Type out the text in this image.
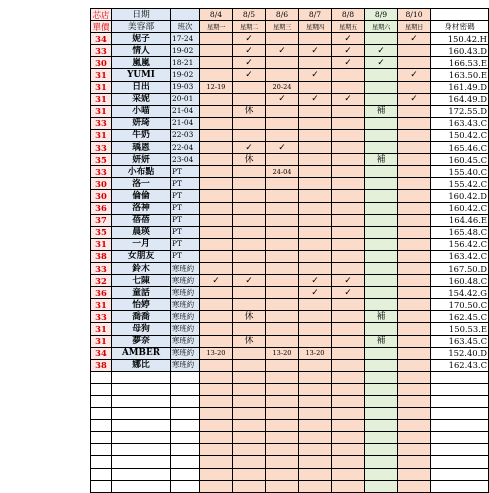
芯店	日期		8/4	8/5	8/6	8/7	8/8	8/9	8/10	
單價	美容部	班次	星期一	星期二	星期三	星期四	星期五	星期六	星期日	身材密碼
34	妮子	17-24		✓			✓		✓	150.42.H
33	情人	19-02		✓	✓	✓	✓	✓		160.43.D
30	嵐嵐	18-21		✓			✓	✓		166.53.E
31	YUMI	19-02		✓		✓			✓	163.50.E
31	日出	19-03	12-19		20-24					161.49.D
31	采妮	20-01			✓	✓	✓		✓	164.49.D
31	小喵	21-04		休				補		172.55.D
33	妍琦	21-04								163.43.C
31	牛奶	22-03								150.42.C
33	瑀恩	22-04		✓	✓					165.46.C
35	妍妍	23-04		休				補		160.45.C
33	小布點	PT			24-04					155.40.C
30	洛一	PT								155.42.C
30	倫倫	PT								160.42.D
36	洛神	PT								160.42.C
37	蓓蓓	PT								164.46.E
35	晨瑛	PT								165.48.C
31	一月	PT								156.42.C
38	女朋友	PT								163.42.C
33	鈴木	寒班約								167.50.D
32	七陳	寒班約	✓	✓		✓	✓			160.48.C
36	童話	寒班約				✓	✓			154.42.G
31	怡婷	寒班約								170.50.C
33	喬喬	寒班約		休				補		162.45.C
31	母狗	寒班約								150.53.E
31	夢奈	寒班約		休				補		163.45.C
34	AMBER	寒班約	13-20		13-20	13-20				152.40.D
38	娜比	寒班約								162.43.C
